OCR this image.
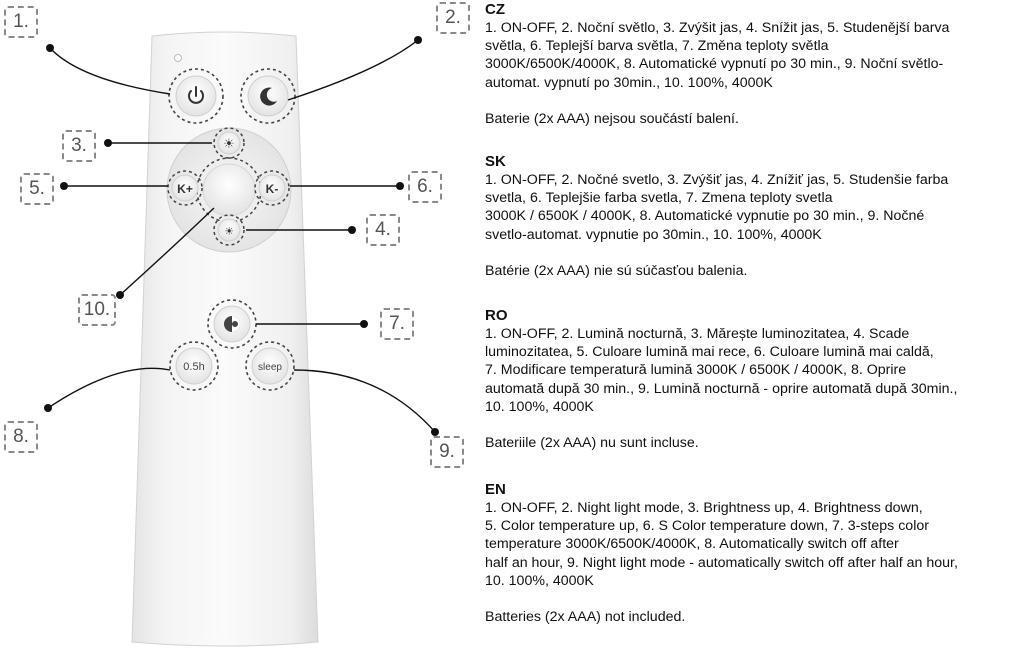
☀
☀
K+	K-
0.5h	sleep
1.	2.
3.
5.	6.
4.
10.
7.
8.
9.
CZ

1. ON-OFF, 2. Noční světlo, 3. Zvýšit jas, 4. Snížit jas, 5. Studenější barva
světla, 6. Teplejší barva světla, 7. Změna teploty světla
3000K/6500K/4000K, 8. Automatické vypnutí po 30 min., 9. Noční světlo-
automat. vypnutí po 30min., 10. 100%, 4000K

Baterie (2x AAA) nejsou součástí balení.

SK

1. ON-OFF, 2. Nočné svetlo, 3. Zvýšiť jas, 4. Znížiť jas, 5. Studenšie farba
svetla, 6. Teplejšie farba svetla, 7. Zmena teploty svetla
3000K / 6500K / 4000K, 8. Automatické vypnutie po 30 min., 9. Nočné
svetlo-automat. vypnutie po 30min., 10. 100%, 4000K

Batérie (2x AAA) nie sú súčasťou balenia.

RO

1. ON-OFF, 2. Lumină nocturnă, 3. Mărește luminozitatea, 4. Scade
luminozitatea, 5. Culoare lumină mai rece, 6. Culoare lumină mai caldă,
7. Modificare temperatură lumină 3000K / 6500K / 4000K, 8. Oprire
automată după 30 min., 9. Lumină nocturnă - oprire automată după 30min.,
10. 100%, 4000K

Bateriile (2x AAA) nu sunt incluse.

EN

1. ON-OFF, 2. Night light mode, 3. Brightness up, 4. Brightness down,
5. Color temperature up, 6. S Color temperature down, 7. 3-steps color
temperature 3000K/6500K/4000K, 8. Automatically switch off after
half an hour, 9. Night light mode - automatically switch off after half an hour,
10. 100%, 4000K

Batteries (2x AAA) not included.
